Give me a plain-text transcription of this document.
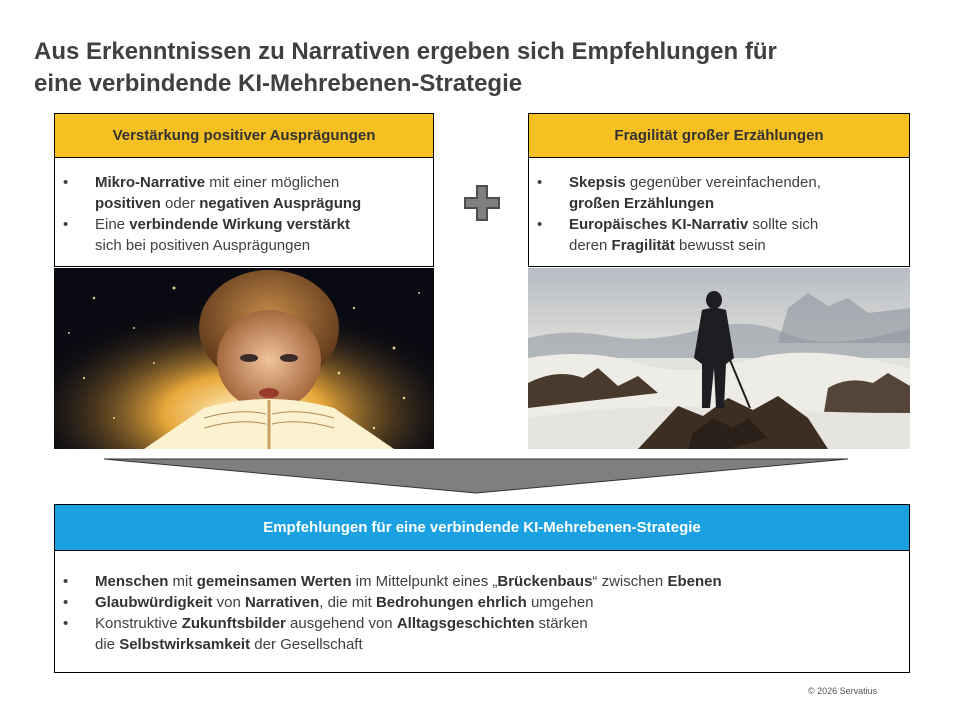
Aus Erkenntnissen zu Narrativen ergeben sich Empfehlungen für
eine verbindende KI-Mehrebenen-Strategie
Verstärkung positiver Ausprägungen
• Mikro-Narrative mit einer möglichen
positiven oder negativen Ausprägung
• Eine verbindende Wirkung verstärkt
sich bei positiven Ausprägungen
Fragilität großer Erzählungen
• Skepsis gegenüber vereinfachenden,
großen Erzählungen
• Europäisches KI-Narrativ sollte sich
deren Fragilität bewusst sein
Empfehlungen für eine verbindende KI-Mehrebenen-Strategie
• Menschen mit gemeinsamen Werten im Mittelpunkt eines „Brückenbaus“ zwischen Ebenen
• Glaubwürdigkeit von Narrativen, die mit Bedrohungen ehrlich umgehen
• Konstruktive Zukunftsbilder ausgehend von Alltagsgeschichten stärken
die Selbstwirksamkeit der Gesellschaft
© 2026 Servatius
